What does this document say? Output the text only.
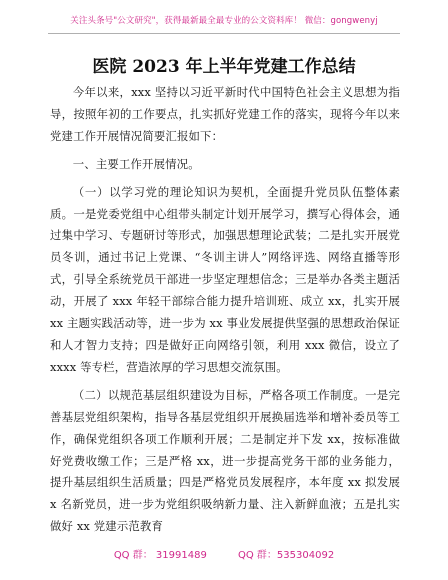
关注头条号"公文研究"，获得最新最全最专业的公文资料库！ 微信：gongwenyj
医院 2023 年上半年党建工作总结

今年以来，xxx 坚持以习近平新时代中国特色社会主义思想为指导，按照年初的工作要点，扎实抓好党建工作的落实，现将今年以来党建工作开展情况简要汇报如下：

一、主要工作开展情况。

（一）以学习党的理论知识为契机，全面提升党员队伍整体素质。一是党委党组中心组带头制定计划开展学习，撰写心得体会，通过集中学习、专题研讨等形式，加强思想理论武装；二是扎实开展党员冬训，通过书记上党课、“冬训主讲人”网络评选、网络直播等形式，引导全系统党员干部进一步坚定理想信念；三是举办各类主题活动，开展了 xxx 年轻干部综合能力提升培训班、成立 xx，扎实开展 xx 主题实践活动等，进一步为 xx 事业发展提供坚强的思想政治保证和人才智力支持；四是做好正向网络引领，利用 xxx 微信，设立了 xxxx 等专栏，营造浓厚的学习思想交流氛围。

（二）以规范基层组织建设为目标，严格各项工作制度。一是完善基层党组织架构，指导各基层党组织开展换届选举和增补委员等工作，确保党组织各项工作顺利开展；二是制定并下发 xx，按标准做好党费收缴工作；三是严格 xx，进一步提高党务干部的业务能力，提升基层组织生活质量；四是严格党员发展程序，本年度 xx 拟发展 x 名新党员，进一步为党组织吸纳新力量、注入新鲜血液；五是扎实做好 xx 党建示范教育

QQ 群： 31991489	QQ 群：535304092
